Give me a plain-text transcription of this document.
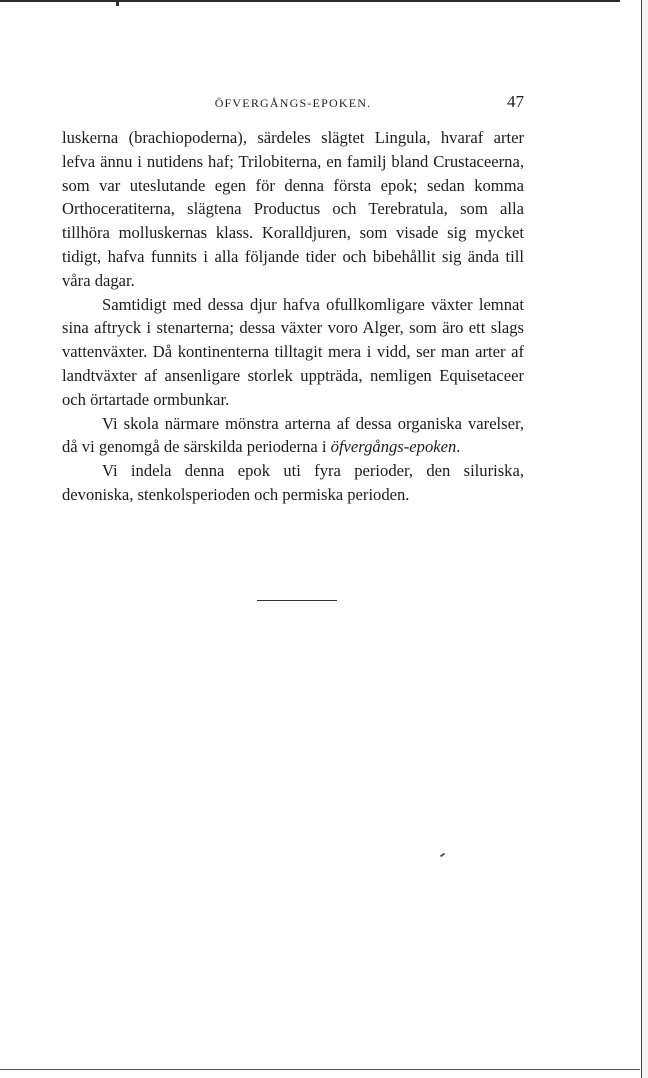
ÖFVERGÅNGS-EPOKEN.	47

luskerna (brachiopoderna), särdeles slägtet Lingula, hvaraf arter lefva ännu i nutidens haf; Trilobiterna, en familj bland Crustaceerna, som var uteslutande egen för denna första epok; sedan komma Orthoceratiterna, slägtena Productus och Terebratula, som alla tillhöra molluskernas klass. Koralldjuren, som visade sig mycket tidigt, hafva funnits i alla följande tider och bibehållit sig ända till våra dagar.

Samtidigt med dessa djur hafva ofullkomligare växter lemnat sina aftryck i stenarterna; dessa växter voro Alger, som äro ett slags vattenväxter. Då kontinenterna tilltagit mera i vidd, ser man arter af landtväxter af ansenligare storlek uppträda, nemligen Equisetaceer och örtartade ormbunkar.

Vi skola närmare mönstra arterna af dessa organiska varelser, då vi genomgå de särskilda perioderna i öfvergångs-epoken.

Vi indela denna epok uti fyra perioder, den siluriska, devoniska, stenkolsperioden och permiska perioden.
